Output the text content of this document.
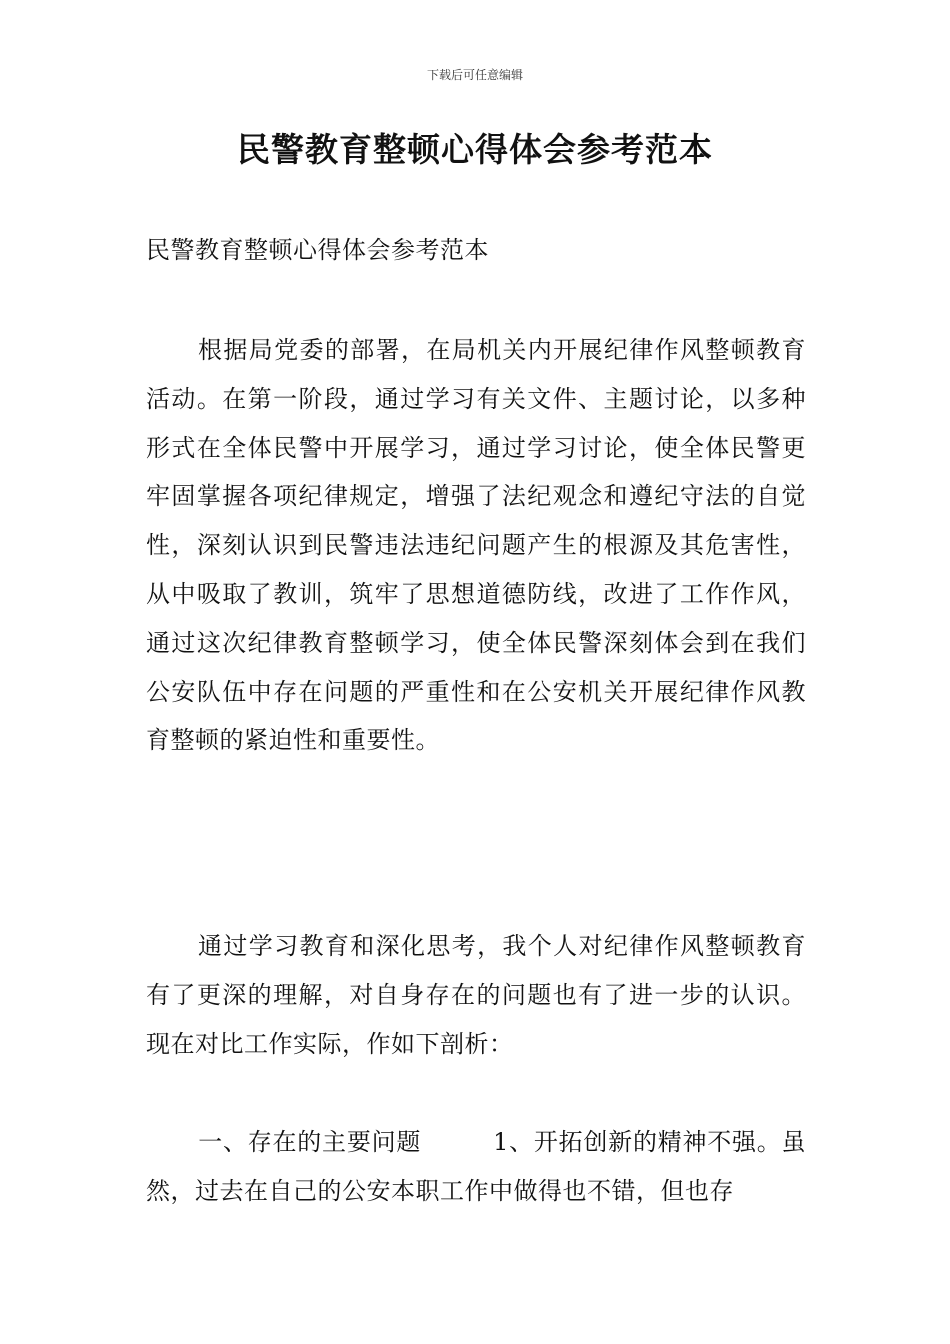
下载后可任意编辑
民警教育整顿心得体会参考范本

民警教育整顿心得体会参考范本

根据局党委的部署，在局机关内开展纪律作风整顿教育活动。在第一阶段，通过学习有关文件、主题讨论，以多种形式在全体民警中开展学习，通过学习讨论，使全体民警更牢固掌握各项纪律规定，增强了法纪观念和遵纪守法的自觉性，深刻认识到民警违法违纪问题产生的根源及其危害性，从中吸取了教训，筑牢了思想道德防线，改进了工作作风，通过这次纪律教育整顿学习，使全体民警深刻体会到在我们公安队伍中存在问题的严重性和在公安机关开展纪律作风教育整顿的紧迫性和重要性。

通过学习教育和深化思考，我个人对纪律作风整顿教育有了更深的理解，对自身存在的问题也有了进一步的认识。现在对比工作实际，作如下剖析：

一、存在的主要问题	1、开拓创新的精神不强。虽然，过去在自己的公安本职工作中做得也不错，但也存
